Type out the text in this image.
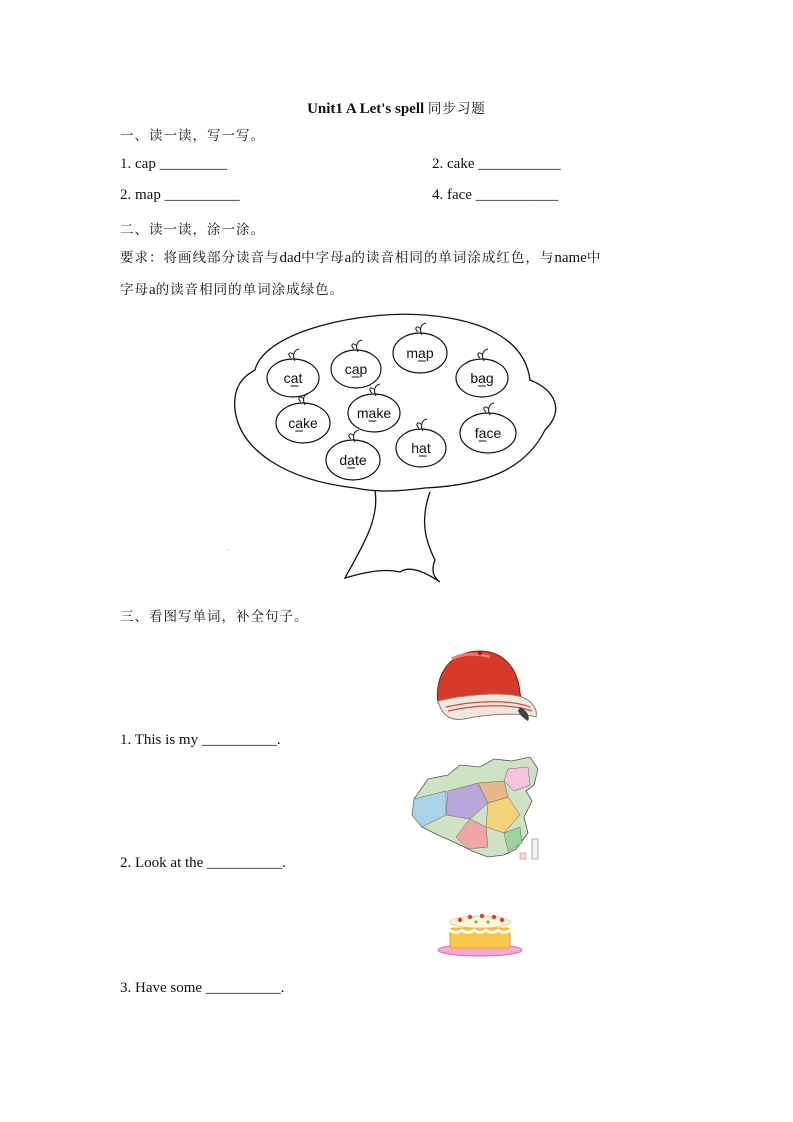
Unit1 A Let's spell 同步习题
一、读一读，写一写。
1. cap _________	2. cake ___________
2. map __________	4. face ___________
二、读一读，涂一涂。
要求：将画线部分读音与dad中字母a的读音相同的单词涂成红色，与name中
字母a的读音相同的单词涂成绿色。
.
map
cap
cat	bag
make
cake
face
hat
date
三、看图写单词，补全句子。
1. This is my __________.
2. Look at the __________.
3. Have some __________.
